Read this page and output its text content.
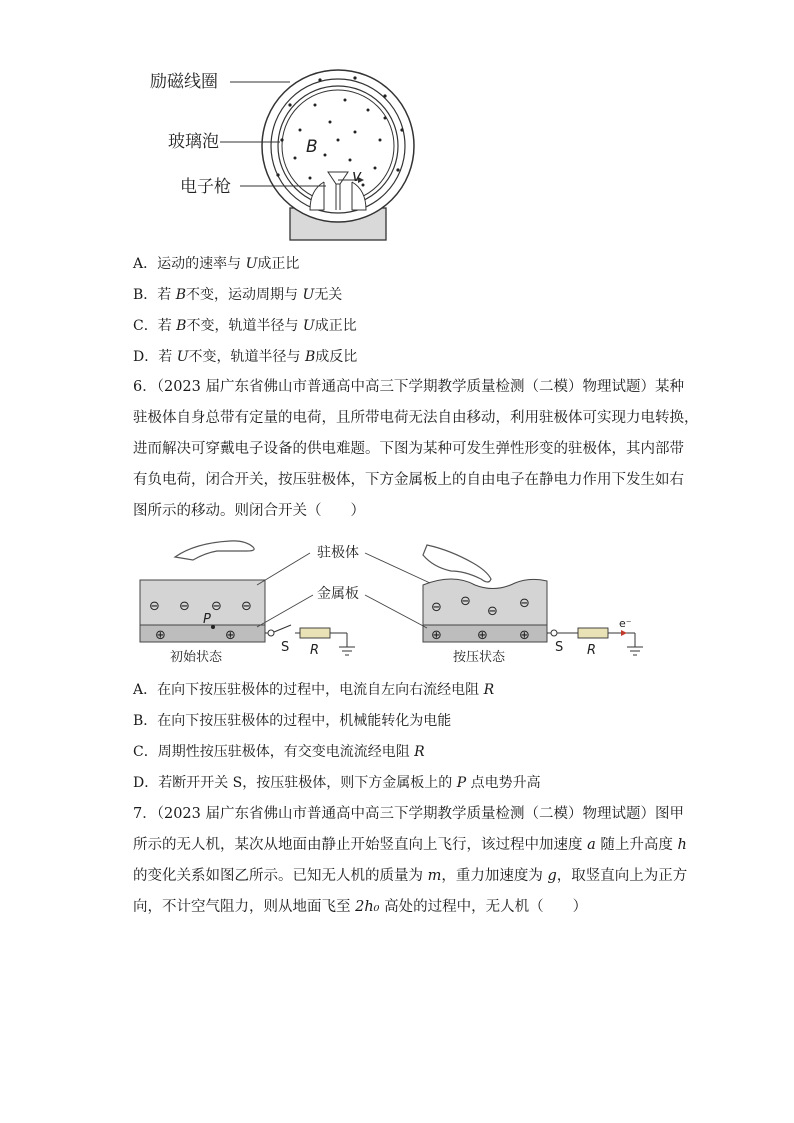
励磁线圈
玻璃泡
电子枪
B
v
A．运动的速率与 U成正比
B．若 B不变，运动周期与 U无关
C．若 B不变，轨道半径与 U成正比
D．若 U不变，轨道半径与 B成反比
6．（2023 届广东省佛山市普通高中高三下学期教学质量检测（二模）物理试题）某种
驻极体自身总带有定量的电荷，且所带电荷无法自由移动，利用驻极体可实现力电转换，
进而解决可穿戴电子设备的供电难题。下图为某种可发生弹性形变的驻极体，其内部带
有负电荷，闭合开关，按压驻极体，下方金属板上的自由电子在静电力作用下发生如右
图所示的移动。则闭合开关（　　）
⊖ ⊖ ⊖ ⊖
⊕	⊕
P
S R
初始状态
⊖ ⊖
⊖
⊖
⊕	⊕ ⊕
S R
e⁻
按压状态
驻极体
金属板
A．在向下按压驻极体的过程中，电流自左向右流经电阻 R
B．在向下按压驻极体的过程中，机械能转化为电能
C．周期性按压驻极体，有交变电流流经电阻 R
D．若断开开关 S，按压驻极体，则下方金属板上的 P 点电势升高
7．（2023 届广东省佛山市普通高中高三下学期教学质量检测（二模）物理试题）图甲
所示的无人机，某次从地面由静止开始竖直向上飞行，该过程中加速度 a 随上升高度 h
的变化关系如图乙所示。已知无人机的质量为 m，重力加速度为 g，取竖直向上为正方
向，不计空气阻力，则从地面飞至 2h₀ 高处的过程中，无人机（　　）
